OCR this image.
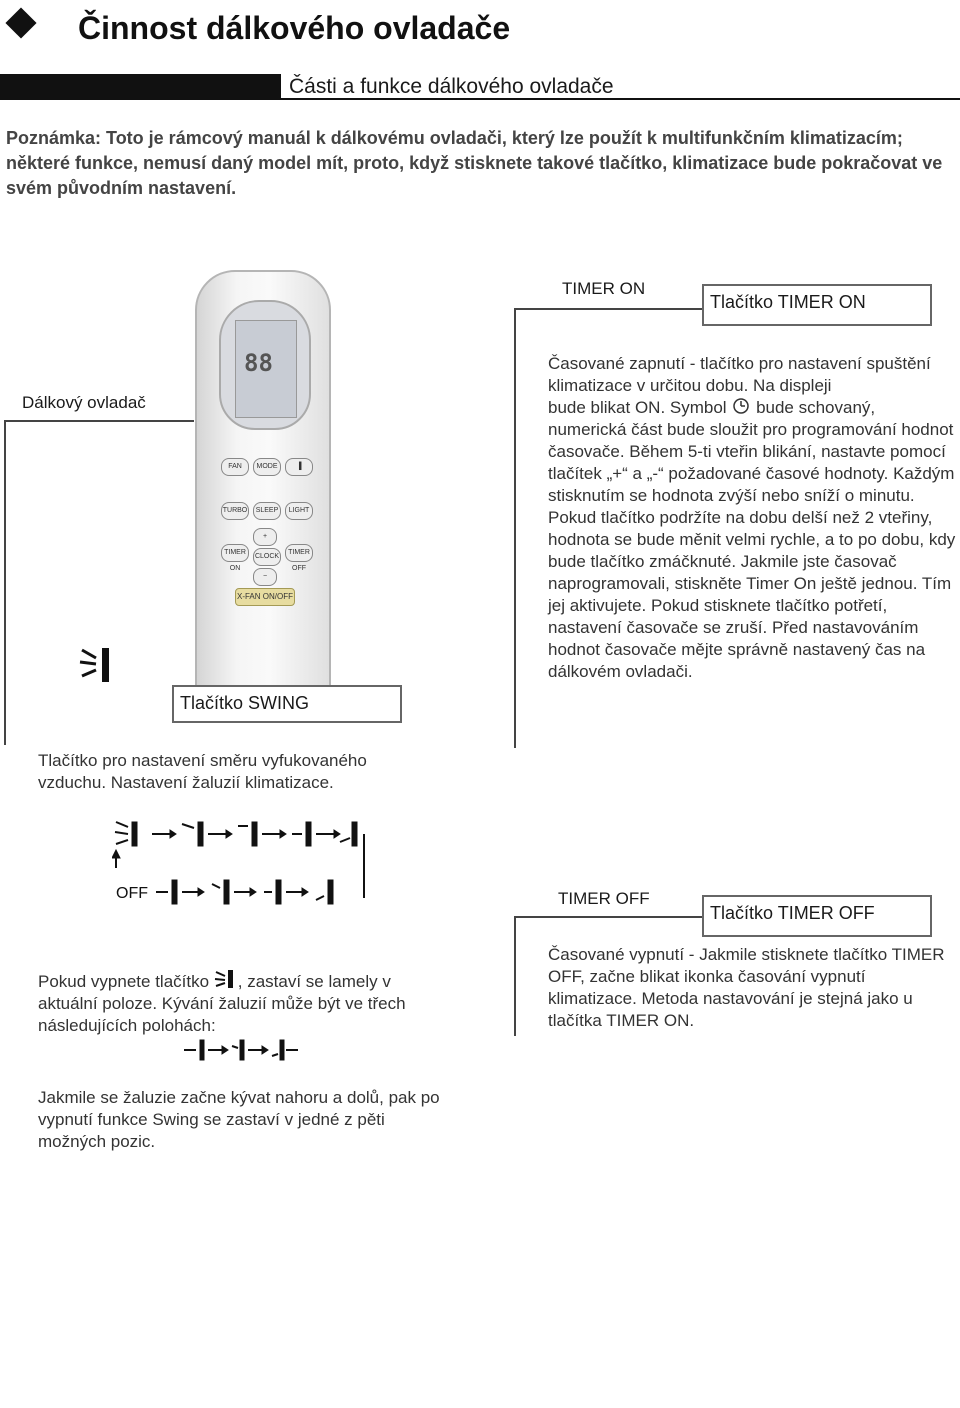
Činnost dálkového ovladače
Části a funkce dálkového ovladače
Poznámka: Toto je rámcový manuál k dálkovému ovladači, který lze použít k multifunkčním klimatizacím; některé funkce, nemusí daný model mít, proto, když stisknete takové tlačítko, klimatizace bude pokračovat ve svém původním nastavení.
Dálkový ovladač
88
FAN	MODE	▐
TURBO	SLEEP	LIGHT
+
TIMER ON
CLOCK
TIMER OFF
−
X-FAN ON/OFF
Tlačítko SWING
TIMER ON
Tlačítko TIMER ON
Časované zapnutí - tlačítko pro nastavení spuštění klimatizace v určitou dobu. Na displeji
bude blikat ON. Symbol bude schovaný, numerická část bude sloužit pro programování hodnot časovače. Během 5-ti vteřin blikání, nastavte pomocí tlačítek „+“ a „-“ požadované časové hodnoty. Každým stisknutím se hodnota zvýší nebo sníží o minutu. Pokud tlačítko podržíte na dobu delší než 2 vteřiny, hodnota se bude měnit velmi rychle, a to po dobu, kdy bude tlačítko zmáčknuté. Jakmile jste časovač naprogramovali, stiskněte Timer On ještě jednou. Tím jej aktivujete. Pokud stisknete tlačítko potřetí, nastavení časovače se zruší. Před nastavováním hodnot časovače mějte správně nastavený čas na dálkovém ovladači.
Tlačítko pro nastavení směru vyfukovaného vzduchu. Nastavení žaluzií klimatizace.
OFF	TIMER OFF
Tlačítko TIMER OFF
Časované vypnutí - Jakmile stisknete tlačítko TIMER OFF, začne blikat ikonka časování vypnutí klimatizace. Metoda nastavování je stejná jako u tlačítka TIMER ON.
Pokud vypnete tlačítko , zastaví se lamely v aktuální poloze. Kývání žaluzií může být ve třech následujících polohách:
Jakmile se žaluzie začne kývat nahoru a dolů, pak po vypnutí funkce Swing se zastaví v jedné z pěti možných pozic.
